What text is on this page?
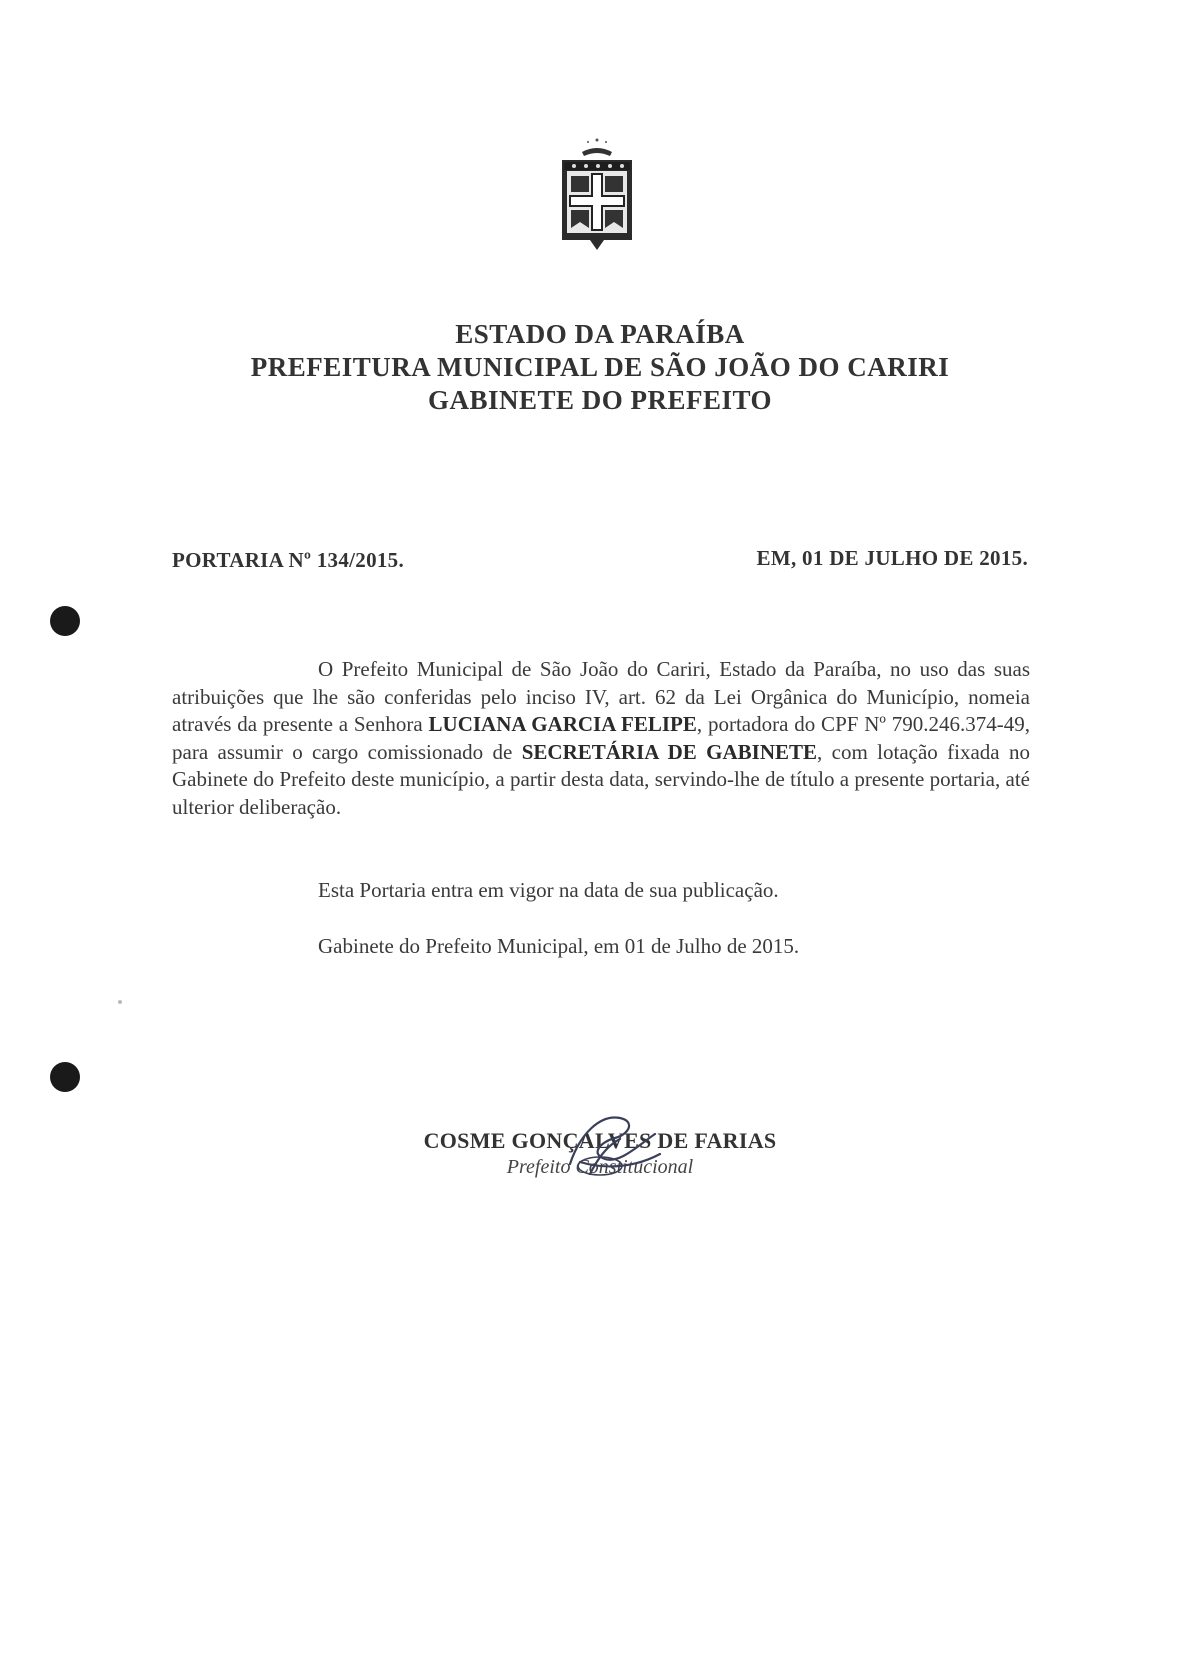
ESTADO DA PARAÍBA
PREFEITURA MUNICIPAL DE SÃO JOÃO DO CARIRI
GABINETE DO PREFEITO
PORTARIA Nº 134/2015.	EM, 01 DE JULHO DE 2015.
O Prefeito Municipal de São João do Cariri, Estado da Paraíba, no uso das suas atribuições que lhe são conferidas pelo inciso IV, art. 62 da Lei Orgânica do Município, nomeia através da presente a Senhora LUCIANA GARCIA FELIPE, portadora do CPF Nº 790.246.374-49, para assumir o cargo comissionado de SECRETÁRIA DE GABINETE, com lotação fixada no Gabinete do Prefeito deste município, a partir desta data, servindo-lhe de título a presente portaria, até ulterior deliberação.
Esta Portaria entra em vigor na data de sua publicação.
Gabinete do Prefeito Municipal, em 01 de Julho de 2015.
COSME GONÇALVES DE FARIAS
Prefeito Constitucional
